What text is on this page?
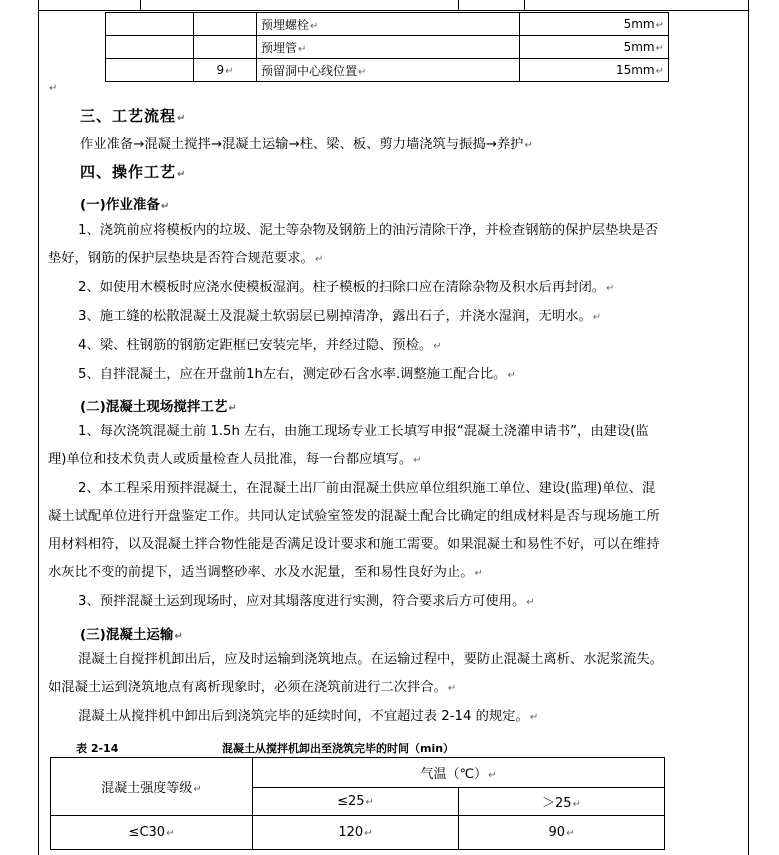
		预埋螺栓↵	5mm↵
		预埋管↵	5mm↵
	9↵	预留洞中心线位置↵	15mm↵
↵
三、工艺流程↵

作业准备→混凝土搅拌→混凝土运输→柱、梁、板、剪力墙浇筑与振捣→养护↵

四、操作工艺↵
(一)作业准备↵

1、浇筑前应将模板内的垃圾、泥土等杂物及钢筋上的油污清除干净，并检查钢筋的保护层垫块是否

垫好，钢筋的保护层垫块是否符合规范要求。↵

2、如使用木模板时应浇水使模板湿润。柱子模板的扫除口应在清除杂物及积水后再封闭。↵

3、施工缝的松散混凝土及混凝土软弱层已剔掉清净，露出石子，并浇水湿润，无明水。↵

4、梁、柱钢筋的钢筋定距框已安装完毕，并经过隐、预检。↵

5、自拌混凝土，应在开盘前1h左右，测定砂石含水率.调整施工配合比。↵

(二)混凝土现场搅拌工艺↵

1、每次浇筑混凝土前 1.5h 左右，由施工现场专业工长填写申报“混凝土浇灌申请书”，由建设(监

理)单位和技术负责人或质量检查人员批准，每一台都应填写。↵

2、本工程采用预拌混凝土，在混凝土出厂前由混凝土供应单位组织施工单位、建设(监理)单位、混

凝土试配单位进行开盘鉴定工作。共同认定试验室签发的混凝土配合比确定的组成材料是否与现场施工所

用材料相符，以及混凝土拌合物性能是否满足设计要求和施工需要。如果混凝土和易性不好，可以在维持

水灰比不变的前提下，适当调整砂率、水及水泥量，至和易性良好为止。↵

3、预拌混凝土运到现场时，应对其塌落度进行实测，符合要求后方可使用。↵

(三)混凝土运输↵

混凝土自搅拌机卸出后，应及时运输到浇筑地点。在运输过程中，要防止混凝土离析、水泥浆流失。

如混凝土运到浇筑地点有离析现象时，必须在浇筑前进行二次拌合。↵

混凝土从搅拌机中卸出后到浇筑完毕的延续时间，不宜超过表 2-14 的规定。↵

表 2-14	混凝土从搅拌机卸出至浇筑完毕的时间（min）
混凝土强度等级↵	气温（℃）↵	
	≤25↵	＞25↵
≤C30↵	120↵	90↵
